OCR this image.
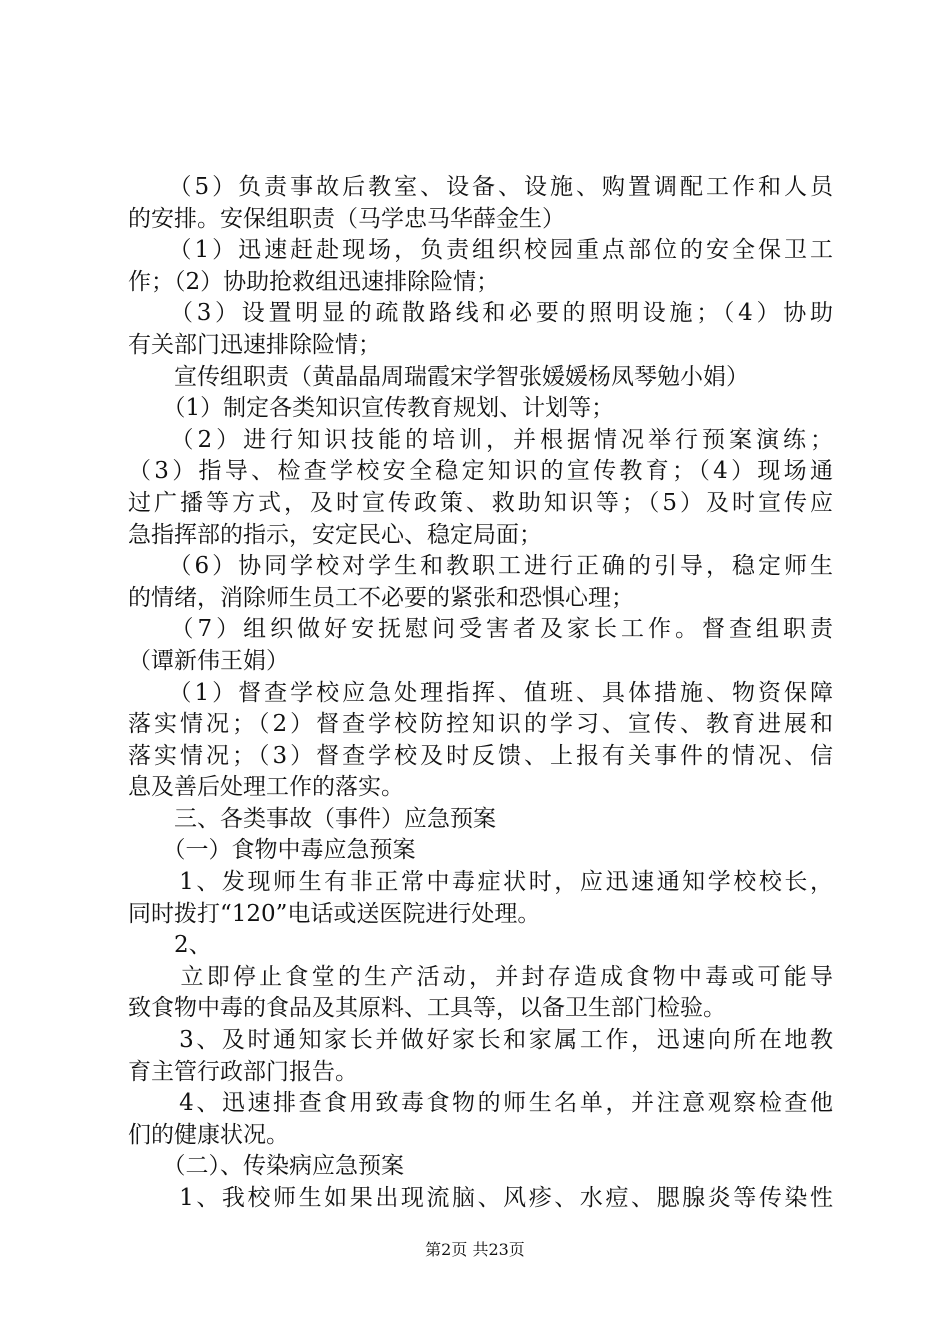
　　（5）负责事故后教室、设备、设施、购置调配工作和人员
的安排。安保组职责（马学忠马华薛金生）
　　（1）迅速赶赴现场，负责组织校园重点部位的安全保卫工
作；（2）协助抢救组迅速排除险情；
　　（3）设置明显的疏散路线和必要的照明设施；（4）协助
有关部门迅速排除险情；
　　宣传组职责（黄晶晶周瑞霞宋学智张媛媛杨凤琴勉小娟）
　　（1）制定各类知识宣传教育规划、计划等；
　　（2）进行知识技能的培训，并根据情况举行预案演练；
（3）指导、检查学校安全稳定知识的宣传教育；（4）现场通
过广播等方式，及时宣传政策、救助知识等；（5）及时宣传应
急指挥部的指示，安定民心、稳定局面；
　　（6）协同学校对学生和教职工进行正确的引导，稳定师生
的情绪，消除师生员工不必要的紧张和恐惧心理；
　　（7）组织做好安抚慰问受害者及家长工作。督查组职责
（谭新伟王娟）
　　（1）督查学校应急处理指挥、值班、具体措施、物资保障
落实情况；（2）督查学校防控知识的学习、宣传、教育进展和
落实情况；（3）督查学校及时反馈、上报有关事件的情况、信
息及善后处理工作的落实。
　　三、各类事故（事件）应急预案
　　（一）食物中毒应急预案
　　1、发现师生有非正常中毒症状时，应迅速通知学校校长，
同时拨打“120”电话或送医院进行处理。
　　2、
　　立即停止食堂的生产活动，并封存造成食物中毒或可能导
致食物中毒的食品及其原料、工具等，以备卫生部门检验。
　　3、及时通知家长并做好家长和家属工作，迅速向所在地教
育主管行政部门报告。
　　4、迅速排查食用致毒食物的师生名单，并注意观察检查他
们的健康状况。
　　（二）、传染病应急预案
　　1、我校师生如果出现流脑、风疹、水痘、腮腺炎等传染性
第2页 共23页
